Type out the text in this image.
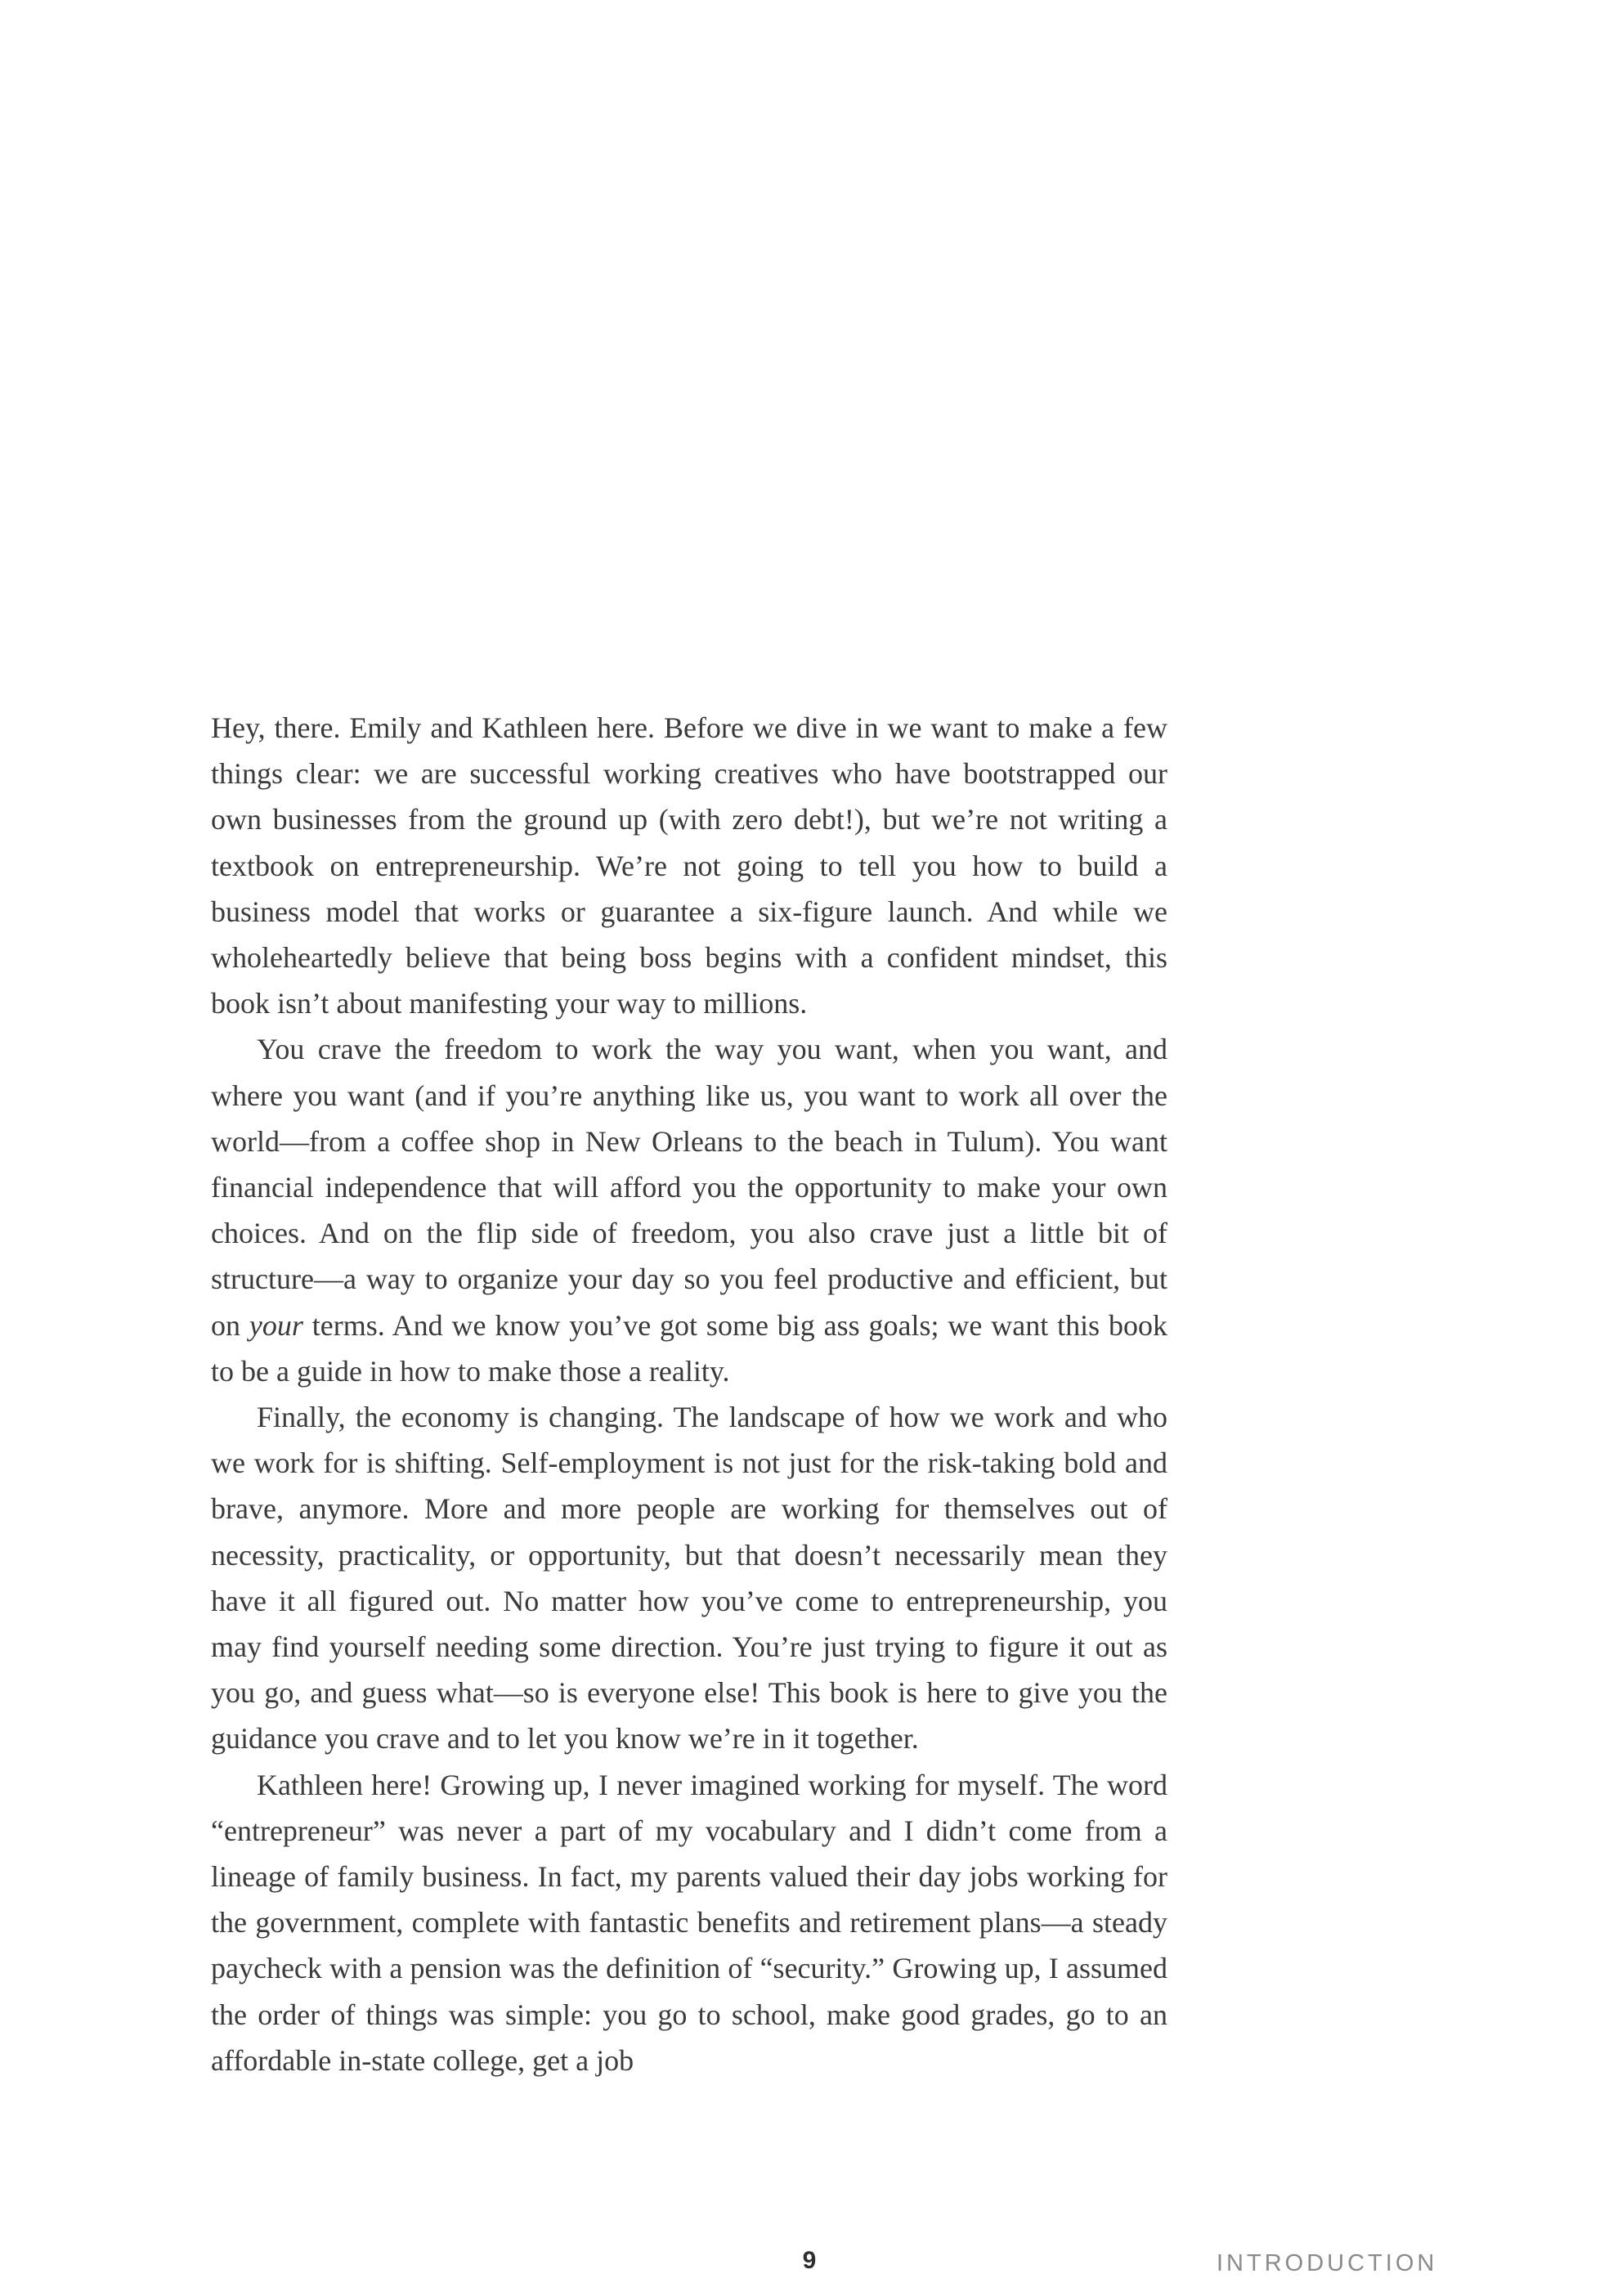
Hey, there. Emily and Kathleen here. Before we dive in we want to make a few things clear: we are successful working creatives who have bootstrapped our own businesses from the ground up (with zero debt!), but we’re not writing a textbook on entrepreneurship. We’re not going to tell you how to build a business model that works or guarantee a six-figure launch. And while we wholeheartedly believe that being boss begins with a confident mindset, this book isn’t about manifesting your way to millions.

You crave the freedom to work the way you want, when you want, and where you want (and if you’re anything like us, you want to work all over the world—from a coffee shop in New Orleans to the beach in Tulum). You want financial independence that will afford you the opportunity to make your own choices. And on the flip side of freedom, you also crave just a little bit of structure—a way to organize your day so you feel productive and efficient, but on your terms. And we know you’ve got some big ass goals; we want this book to be a guide in how to make those a reality.

Finally, the economy is changing. The landscape of how we work and who we work for is shifting. Self-employment is not just for the risk-taking bold and brave, anymore. More and more people are working for themselves out of necessity, practicality, or opportunity, but that doesn’t necessarily mean they have it all figured out. No matter how you’ve come to entrepreneurship, you may find yourself needing some direction. You’re just trying to figure it out as you go, and guess what—so is everyone else! This book is here to give you the guidance you crave and to let you know we’re in it together.

Kathleen here! Growing up, I never imagined working for myself. The word “entrepreneur” was never a part of my vocabulary and I didn’t come from a lineage of family business. In fact, my parents valued their day jobs working for the government, complete with fantastic benefits and retirement plans—a steady paycheck with a pension was the definition of “security.” Growing up, I assumed the order of things was simple: you go to school, make good grades, go to an affordable in-state college, get a job

9	INTRODUCTION
